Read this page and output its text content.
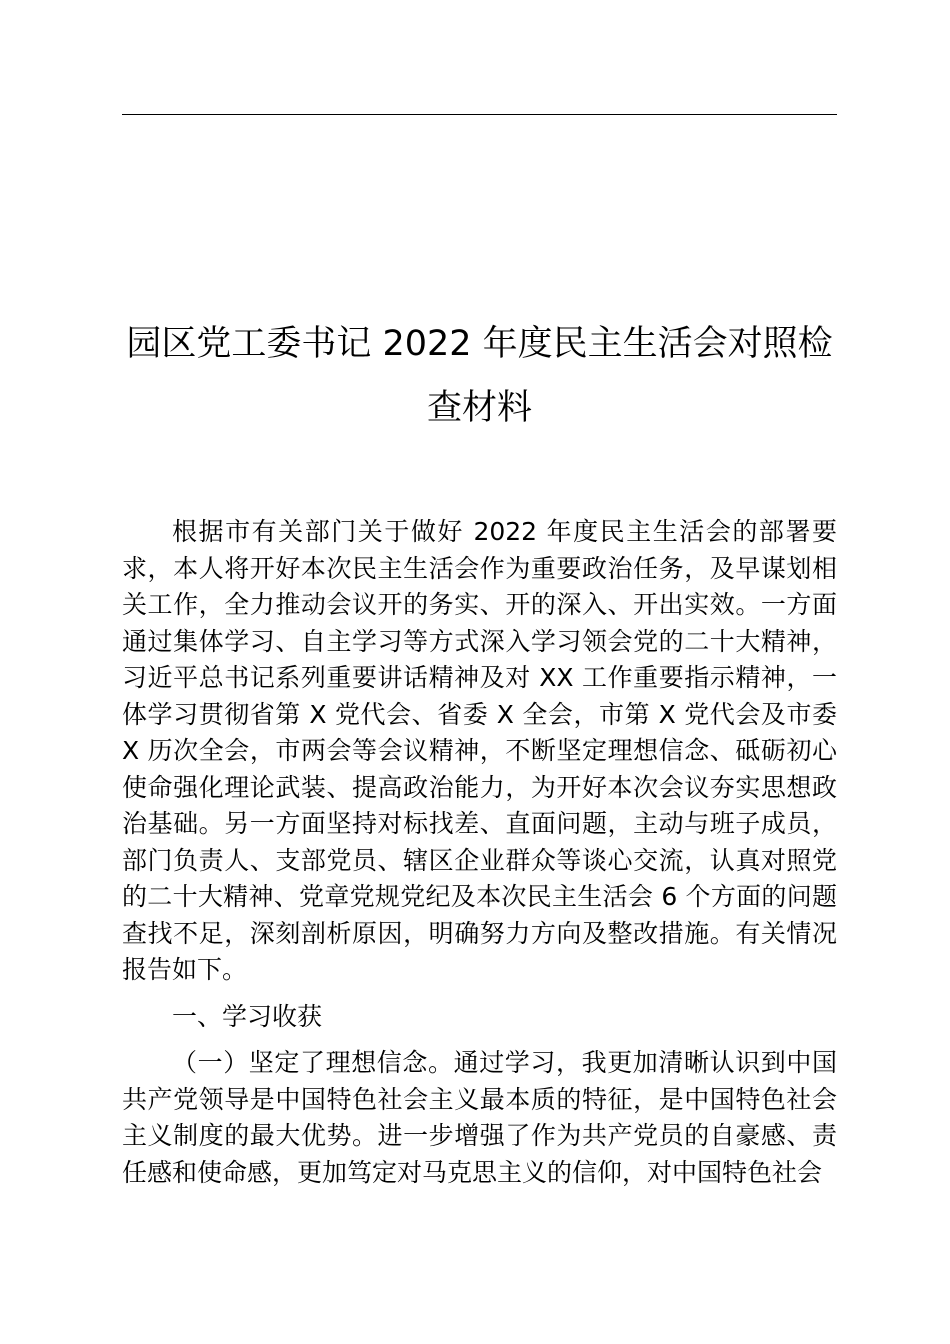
园区党工委书记 2022 年度民主生活会对照检
查材料

根据市有关部门关于做好 2022 年度民主生活会的部署要求，本人将开好本次民主生活会作为重要政治任务，及早谋划相关工作，全力推动会议开的务实、开的深入、开出实效。一方面通过集体学习、自主学习等方式深入学习领会党的二十大精神，习近平总书记系列重要讲话精神及对 XX 工作重要指示精神，一体学习贯彻省第 X 党代会、省委 X 全会，市第 X 党代会及市委 X 历次全会，市两会等会议精神，不断坚定理想信念、砥砺初心使命强化理论武装、提高政治能力，为开好本次会议夯实思想政治基础。另一方面坚持对标找差、直面问题，主动与班子成员，部门负责人、支部党员、辖区企业群众等谈心交流，认真对照党的二十大精神、党章党规党纪及本次民主生活会 6 个方面的问题查找不足，深刻剖析原因，明确努力方向及整改措施。有关情况报告如下。

一、学习收获

（一）坚定了理想信念。通过学习，我更加清晰认识到中国共产党领导是中国特色社会主义最本质的特征，是中国特色社会主义制度的最大优势。进一步增强了作为共产党员的自豪感、责任感和使命感，更加笃定对马克思主义的信仰，对中国特色社会
